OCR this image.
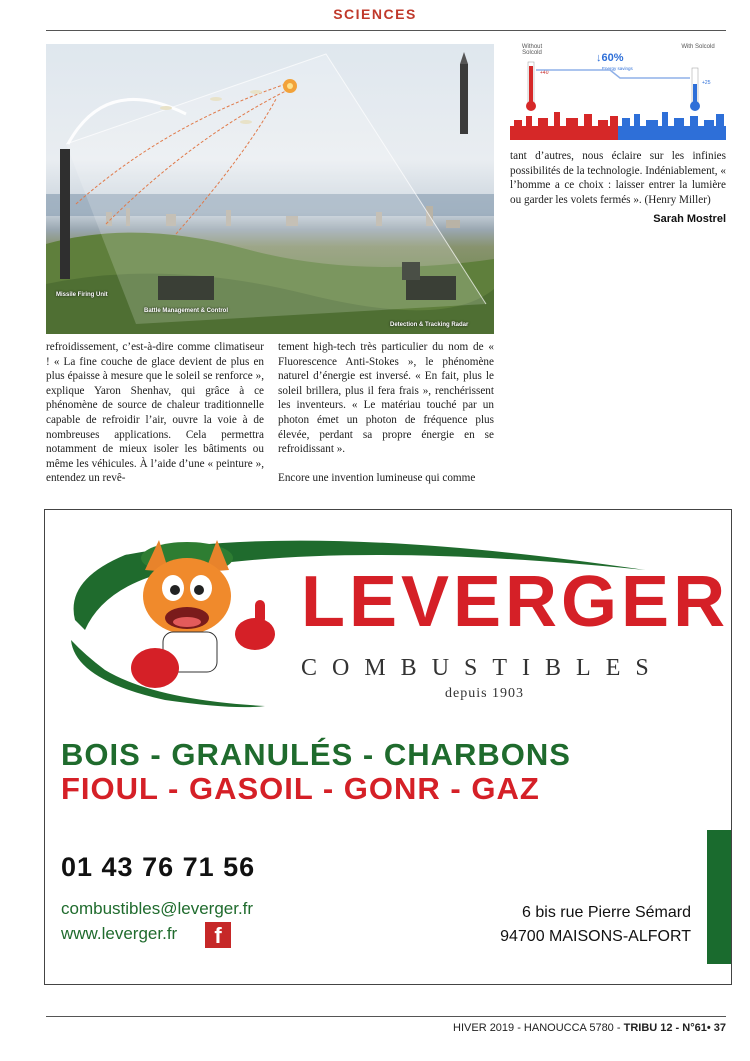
SCIENCES
Missile Firing Unit
Battle Management & Control
Detection & Tracking Radar
Without Solcold
With Solcold
↓60%
Energy savings
+40
+25

refroidissement, c’est-à-dire comme climatiseur ! « La fine couche de glace devient de plus en plus épaisse à mesure que le soleil se renforce », explique Yaron Shenhav, qui grâce à ce phénomène de source de chaleur traditionnelle capable de refroidir l’air, ouvre la voie à de nombreuses applications. Cela permettra notamment de mieux isoler les bâtiments ou même les véhicules. À l’aide d’une « peinture », entendez un revê-

tement high-tech très particulier du nom de « Fluorescence Anti-Stokes », le phénomène naturel d’énergie est inversé. « En fait, plus le soleil brillera, plus il fera frais », renchérissent les inventeurs. « Le matériau touché par un photon émet un photon de fréquence plus élevée, perdant sa propre énergie en se refroidissant ».

Encore une invention lumineuse qui comme

tant d’autres, nous éclaire sur les infinies possibilités de la technologie. Indéniablement, « l’homme a ce choix : laisser entrer la lumière ou garder les volets fermés ». (Henry Miller)

Sarah Mostrel
LEVERGER
COMBUSTIBLES
depuis 1903
BOIS - GRANULÉS - CHARBONS
FIOUL - GASOIL - GONR - GAZ
01 43 76 71 56
combustibles@leverger.fr
www.leverger.fr	f
6 bis rue Pierre Sémard
94700 MAISONS-ALFORT
HIVER 2019 - HANOUCCA 5780 - TRIBU 12 - N°61• 37
